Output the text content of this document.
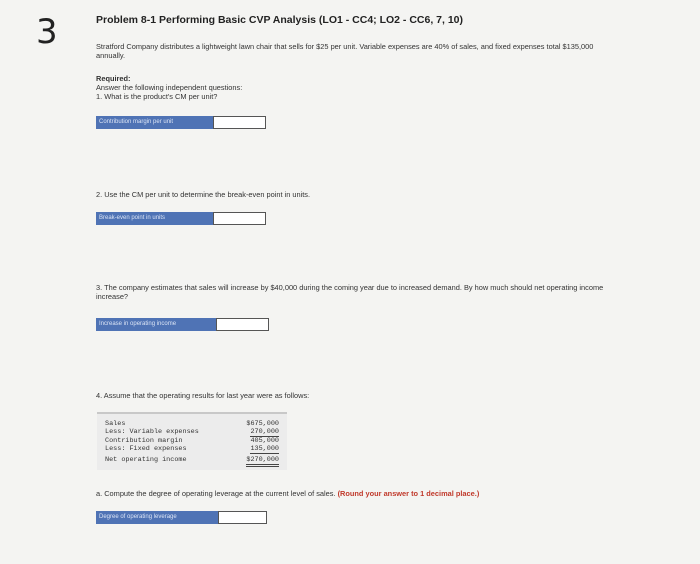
3	Problem 8-1 Performing Basic CVP Analysis (LO1 - CC4; LO2 - CC6, 7, 10)
Stratford Company distributes a lightweight lawn chair that sells for $25 per unit. Variable expenses are 40% of sales, and fixed expenses total $135,000 annually.
Required:
Answer the following independent questions:
1. What is the product's CM per unit?
Contribution margin per unit
2. Use the CM per unit to determine the break-even point in units.
Break-even point in units
3. The company estimates that sales will increase by $40,000 during the coming year due to increased demand. By how much should net operating income increase?
Increase in operating income
4. Assume that the operating results for last year were as follows:
Sales	$675,000
Less: Variable expenses	270,000
Contribution margin	405,000
Less: Fixed expenses	135,000
Net operating income	$270,000
a. Compute the degree of operating leverage at the current level of sales. (Round your answer to 1 decimal place.)
Degree of operating leverage
